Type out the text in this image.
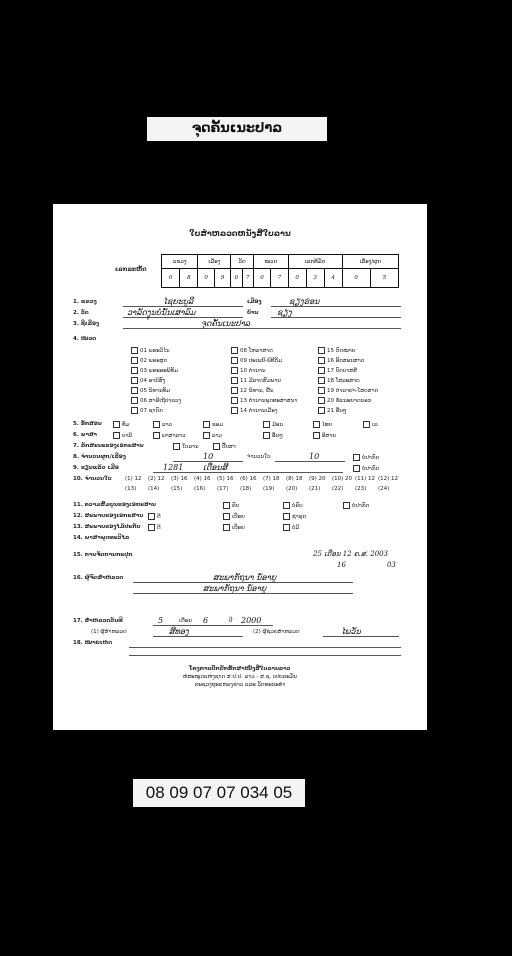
ຈຸດຄັ້ນເນະປາລ
ໃບສຳຫລວດຫນັງສືໃບລານ
ເລກລະຫັດ
ແຂວງ		ເມືອງ		ວັດ		ໝວດ		ເລກທີມັດ			ເລື່ອງ/ຜູກ	
0	8	0	9	0	7	0	7	0	3	4	0	5
1. ແຂວງ	ໄຊຍະບູລີ	ເມືອງ	ຊຽງຮ່ອນ
2. ວັດ	ວາລັດງູນບໍ່ນັ້ນເສາລົມ	ບ້ານ ຊຽງ
3. ຊື່ເລື່ອງ	ຈຸດຄັ້ນເນະປາລ
4. ໝວດ
01 ພຣະວິໄນ
02 ພຣະສູດ
03 ພຣະອະພິທັມ
04 ອານິສົງ
05 ນິທານທັມ
06 ສາຣີເຖີປາລວງ
07 ຊາດົກ
08 ໂຫລາສາດ
09 ປະເພນີ-ພິທີກັມ
10 ຕຳນານ
11 ມີລາດສົມພານ
12 ນິທານ, ພື້ນ
13 ຕຳນານພຸດທະສາສນາ
14 ຕຳນານເມືອງ
15 ກົດໝາຍ
16 ອັກສອນສາດ
17 ບົດບາສສີ
18 ໂສລະສາດ
19 ດຳລາຢາ-ໂສດສາດ
20 ຂໍ້ແນະຍາດນອກ
21 ອື່ນໆ
5. ອັກສອນ	ທັມ	ລາວ	ຂອມ	ມ້ອນ	ໄທຍ	ເລ
6. ພາສາ	ບາລີ	ພາສາລາວ	ລາວ	ອື່ນໆ	ອີສານ
7. ລັກສະນະຂອງເອກະສານ	ໃບລານ	ປັ໊ບສາ
8. ຈຳນວນຜູກ/ເລື່ອງ	10	ຈຳນວນໃບ	10	ບໍ່ປາກົດ
9. ຂຽນແລ້ວ ເມື່ອ	1281 ເດືອນສີ	ບໍ່ປາກົດ
10. ຈຳນວນໃບ (1) 12 (2) 12 (3) 16 (4) 16 (5) 16 (6) 16 (7) 18 (8) 18 (9) 20 (10) 20 (11) 12 (12) 12
(13) (14) (15) (16) (17) (18) (19) (20) (21) (22) (23) (24)
11. ຄວາມສົມບູນຂອງເອກະສານ	ຄົບ	ບໍ່ຄົບ	ບໍ່ປາກົດ
12. ສະພາບຂອງເອກະສານ	ດີ	ເປື່ອຍ	ຊຳຮຸດ
13. ສະພາບຂອງໄມ້ປະກັບ	ດີ	ເປື່ອຍ	ບໍ່ມີ
14. ພາສາພຸດທະວິໄລ
15. ການຈັດການກະປຸກ	25 ເດືອນ 12 ຄ.ສ. 2003
16	03
16. ຜູ້ຈົດສຳຫລວດ	ສະພາກັຖນາ ນໍ້ອາຍູ
ສະພາກັຖນາ ນໍ້ອາຍູ
17. ສຳຫລວດວັນທີ	5	ເດືອນ 6	ປີ 2000
(1) ຜູ້ສຳຫລວດ	ສີທອງ	(2) ຜູ້ຊ່ວຍສຳຫລວດ	ໄພວັນ
18. ໝາຍເຫດ
ໂຄງການປົກປັກຮັກສາໜັງສືໃບລານລາວ
ຫໍສະໝຸດແຫ່ງຊາດ ສ.ປ.ປ. ລາວ - ສ.ຊ. ເຢຍລະມັນ
ກະຊວງຖະແຫລງຂ່າວ ແລະ ວັດທະນະທຳ
08 09 07 07 034 05
